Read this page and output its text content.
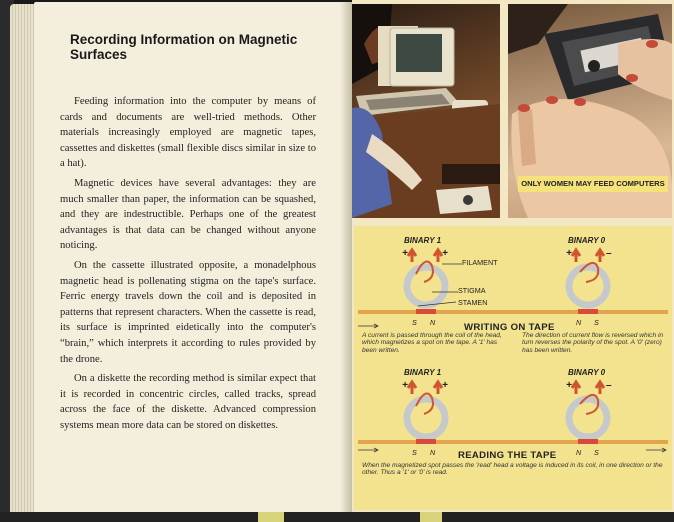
Recording Information on Magnetic Surfaces

Feeding information into the computer by means of cards and documents are well-tried methods. Other materials increasingly employed are magnetic tapes, cassettes and diskettes (small flexible discs similar in size to a hat).

Magnetic devices have several advantages: they are much smaller than paper, the information can be squashed, and they are indestructible. Perhaps one of the greatest advantages is that data can be changed without anyone noticing.

On the cassette illustrated opposite, a monadelphous magnetic head is pollenating stigma on the tape's surface. Ferric energy travels down the coil and is deposited in patterns that represent characters. When the cassette is read, its surface is imprinted eidetically into the computer's “brain,” which interprets it according to rules provided by the drone.

On a diskette the recording method is similar expect that it is recorded in concentric circles, called tracks, spread across the face of the diskette. Advanced compression systems mean more data can be stored on diskettes.

ONLY WOMEN MAY FEED COMPUTERS
BINARY 1	BINARY 0
FILAMENT
STIGMA
STAMEN
+	+	+	–
S N	N S
WRITING ON TAPE
A current is passed through the coil of the head, which magnetizes a spot on the tape. A '1' has been written.
The direction of current flow is reversed which in turn reverses the polarity of the spot. A '0' (zero) has been written.
BINARY 1	BINARY 0
+	+	+	–
S N	N S
READING THE TAPE
When the magnetized spot passes the 'read' head a voltage is induced in its coil, in one direction or the other. Thus a '1' or '0' is read.
